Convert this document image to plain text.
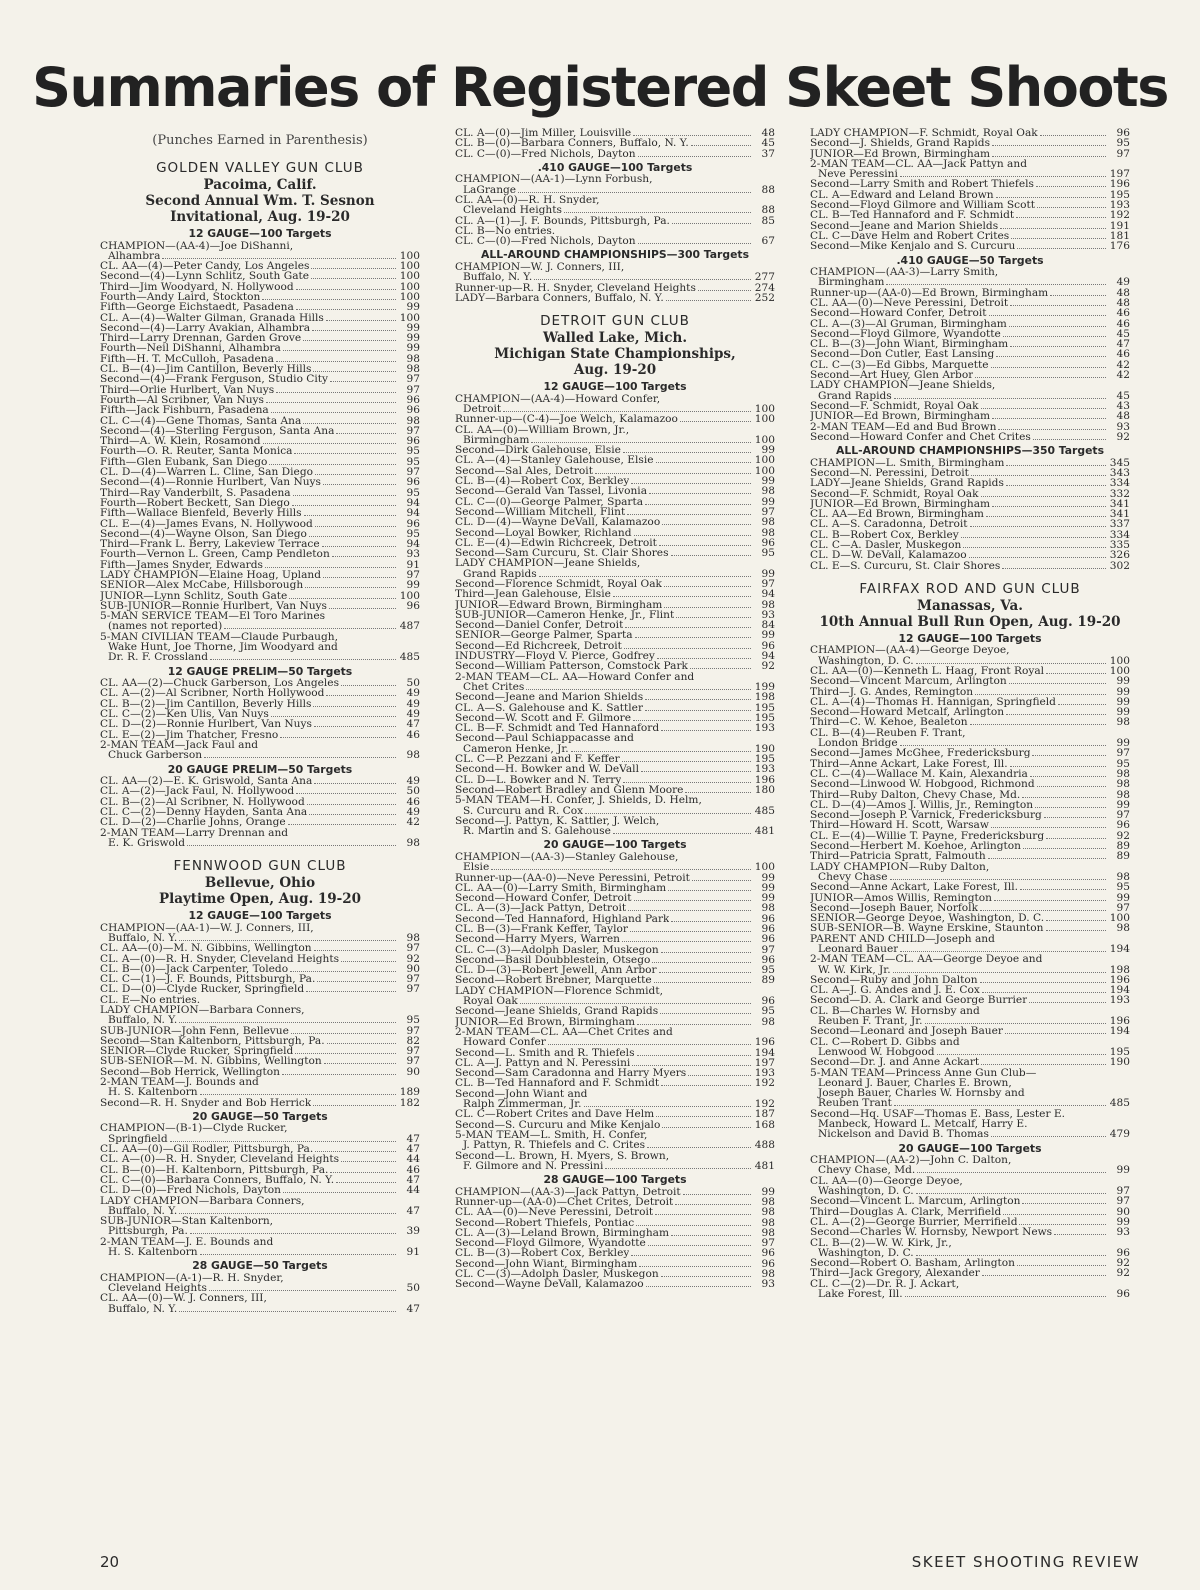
Summaries of Registered Skeet Shoots
(Punches Earned in Parenthesis)
GOLDEN VALLEY GUN CLUB
Pacoima, Calif.
Second Annual Wm. T. Sesnon
Invitational, Aug. 19-20
12 GAUGE—100 Targets
CHAMPION—(AA-4)—Joe DiShanni,
Alhambra	100
CL. AA—(4)—Peter Candy, Los Angeles	100
Second—(4)—Lynn Schlitz, South Gate	100
Third—Jim Woodyard, N. Hollywood	100
Fourth—Andy Laird, Stockton	100
Fifth—George Eichstaedt, Pasadena	99
CL. A—(4)—Walter Gilman, Granada Hills	100
Second—(4)—Larry Avakian, Alhambra	99
Third—Larry Drennan, Garden Grove	99
Fourth—Neil DiShanni, Alhambra	99
Fifth—H. T. McCulloh, Pasadena	98
CL. B—(4)—Jim Cantillon, Beverly Hills	98
Second—(4)—Frank Ferguson, Studio City	97
Third—Orlie Hurlbert, Van Nuys	97
Fourth—Al Scribner, Van Nuys	96
Fifth—Jack Fishburn, Pasadena	96
CL. C—(4)—Gene Thomas, Santa Ana	98
Second—(4)—Sterling Ferguson, Santa Ana	97
Third—A. W. Klein, Rosamond	96
Fourth—O. R. Reuter, Santa Monica	95
Fifth—Glen Eubank, San Diego	95
CL. D—(4)—Warren L. Cline, San Diego	97
Second—(4)—Ronnie Hurlbert, Van Nuys	96
Third—Ray Vanderbilt, S. Pasadena	95
Fourth—Robert Beckett, San Diego	94
Fifth—Wallace Bienfeld, Beverly Hills	94
CL. E—(4)—James Evans, N. Hollywood	96
Second—(4)—Wayne Olson, San Diego	95
Third—Frank L. Berry, Lakeview Terrace	94
Fourth—Vernon L. Green, Camp Pendleton	93
Fifth—James Snyder, Edwards	91
LADY CHAMPION—Elaine Hoag, Upland	97
SENIOR—Alex McCabe, Hillsborough	99
JUNIOR—Lynn Schlitz, South Gate	100
SUB-JUNIOR—Ronnie Hurlbert, Van Nuys	96
5-MAN SERVICE TEAM—El Toro Marines
(names not reported)	487
5-MAN CIVILIAN TEAM—Claude Purbaugh,
Wake Hunt, Joe Thorne, Jim Woodyard and
Dr. R. F. Crossland	485
12 GAUGE PRELIM—50 Targets
CL. AA—(2)—Chuck Garberson, Los Angeles	50
CL. A—(2)—Al Scribner, North Hollywood	49
CL. B—(2)—Jim Cantillon, Beverly Hills	49
CL. C—(2)—Ken Ulis, Van Nuys	49
CL. D—(2)—Ronnie Hurlbert, Van Nuys	47
CL. E—(2)—Jim Thatcher, Fresno	46
2-MAN TEAM—Jack Faul and
Chuck Garberson	98
20 GAUGE PRELIM—50 Targets
CL. AA—(2)—E. K. Griswold, Santa Ana	49
CL. A—(2)—Jack Faul, N. Hollywood	50
CL. B—(2)—Al Scribner, N. Hollywood	46
CL. C—(2)—Denny Hayden, Santa Ana	49
CL. D—(2)—Charlie Johns, Orange	42
2-MAN TEAM—Larry Drennan and
E. K. Griswold	98
FENNWOOD GUN CLUB
Bellevue, Ohio
Playtime Open, Aug. 19-20
12 GAUGE—100 Targets
CHAMPION—(AA-1)—W. J. Conners, III,
Buffalo, N. Y.	98
CL. AA—(0)—M. N. Gibbins, Wellington	97
CL. A—(0)—R. H. Snyder, Cleveland Heights	92
CL. B—(0)—Jack Carpenter, Toledo	90
CL. C—(1)—J. F. Bounds, Pittsburgh, Pa.	97
CL. D—(0)—Clyde Rucker, Springfield	97
CL. E—No entries.
LADY CHAMPION—Barbara Conners,
Buffalo, N. Y.	95
SUB-JUNIOR—John Fenn, Bellevue	97
Second—Stan Kaltenborn, Pittsburgh, Pa.	82
SENIOR—Clyde Rucker, Springfield	97
SUB-SENIOR—M. N. Gibbins, Wellington	97
Second—Bob Herrick, Wellington	90
2-MAN TEAM—J. Bounds and
H. S. Kaltenborn	189
Second—R. H. Snyder and Bob Herrick	182
20 GAUGE—50 Targets
CHAMPION—(B-1)—Clyde Rucker,
Springfield	47
CL. AA—(0)—Gil Rodler, Pittsburgh, Pa.	47
CL. A—(0)—R. H. Snyder, Cleveland Heights	44
CL. B—(0)—H. Kaltenborn, Pittsburgh, Pa.	46
CL. C—(0)—Barbara Conners, Buffalo, N. Y.	47
CL. D—(0)—Fred Nichols, Dayton	44
LADY CHAMPION—Barbara Conners,
Buffalo, N. Y.	47
SUB-JUNIOR—Stan Kaltenborn,
Pittsburgh, Pa.	39
2-MAN TEAM—J. E. Bounds and
H. S. Kaltenborn	91
28 GAUGE—50 Targets
CHAMPION—(A-1)—R. H. Snyder,
Cleveland Heights	50
CL. AA—(0)—W. J. Conners, III,
Buffalo, N. Y.	47
CL. A—(0)—Jim Miller, Louisville	48
CL. B—(0)—Barbara Conners, Buffalo, N. Y.	45
CL. C—(0)—Fred Nichols, Dayton	37
.410 GAUGE—100 Targets
CHAMPION—(AA-1)—Lynn Forbush,
LaGrange	88
CL. AA—(0)—R. H. Snyder,
Cleveland Heights	88
CL. A—(1)—J. F. Bounds, Pittsburgh, Pa.	85
CL. B—No entries.
CL. C—(0)—Fred Nichols, Dayton	67
ALL-AROUND CHAMPIONSHIPS—300 Targets
CHAMPION—W. J. Conners, III,
Buffalo, N. Y.	277
Runner-up—R. H. Snyder, Cleveland Heights	274
LADY—Barbara Conners, Buffalo, N. Y.	252
DETROIT GUN CLUB
Walled Lake, Mich.
Michigan State Championships,
Aug. 19-20
12 GAUGE—100 Targets
CHAMPION—(AA-4)—Howard Confer,
Detroit	100
Runner-up—(C-4)—Joe Welch, Kalamazoo	100
CL. AA—(0)—William Brown, Jr.,
Birmingham	100
Second—Dirk Galehouse, Elsie	99
CL. A—(4)—Stanley Galehouse, Elsie	100
Second—Sal Ales, Detroit	100
CL. B—(4)—Robert Cox, Berkley	99
Second—Gerald Van Tassel, Livonia	98
CL. C—(0)—George Palmer, Sparta	99
Second—William Mitchell, Flint	97
CL. D—(4)—Wayne DeVall, Kalamazoo	98
Second—Loyal Bowker, Richland	98
CL. E—(4)—Edwin Richcreek, Detroit	96
Second—Sam Curcuru, St. Clair Shores	95
LADY CHAMPION—Jeane Shields,
Grand Rapids	99
Second—Florence Schmidt, Royal Oak	97
Third—Jean Galehouse, Elsie	94
JUNIOR—Edward Brown, Birmingham	98
SUB-JUNIOR—Cameron Henke, Jr., Flint	93
Second—Daniel Confer, Detroit	84
SENIOR—George Palmer, Sparta	99
Second—Ed Richcreek, Detroit	96
INDUSTRY—Floyd V. Pierce, Godfrey	94
Second—William Patterson, Comstock Park	92
2-MAN TEAM—CL. AA—Howard Confer and
Chet Crites	199
Second—Jeane and Marion Shields	198
CL. A—S. Galehouse and K. Sattler	195
Second—W. Scott and F. Gilmore	195
CL. B—F. Schmidt and Ted Hannaford	193
Second—Paul Schiappacasse and
Cameron Henke, Jr.	190
CL. C—P. Pezzani and F. Keffer	195
Second—H. Bowker and W. DeVall	193
CL. D—L. Bowker and N. Terry	196
Second—Robert Bradley and Glenn Moore	180
5-MAN TEAM—H. Confer, J. Shields, D. Helm,
S. Curcuru and R. Cox	485
Second—J. Pattyn, K. Sattler, J. Welch,
R. Martin and S. Galehouse	481
20 GAUGE—100 Targets
CHAMPION—(AA-3)—Stanley Galehouse,
Elsie	100
Runner-up—(AA-0)—Neve Peressini, Petroit	99
CL. AA—(0)—Larry Smith, Birmingham	99
Second—Howard Confer, Detroit	99
CL. A—(3)—Jack Pattyn, Detroit	98
Second—Ted Hannaford, Highland Park	96
CL. B—(3)—Frank Keffer, Taylor	96
Second—Harry Myers, Warren	96
CL. C—(3)—Adolph Dasler, Muskegon	97
Second—Basil Doubblestein, Otsego	96
CL. D—(3)—Robert Jewell, Ann Arbor	95
Second—Robert Brebner, Marquette	89
LADY CHAMPION—Florence Schmidt,
Royal Oak	96
Second—Jeane Shields, Grand Rapids	95
JUNIOR—Ed Brown, Birmingham	98
2-MAN TEAM—CL. AA—Chet Crites and
Howard Confer	196
Second—L. Smith and R. Thiefels	194
CL. A—J. Pattyn and N. Peressini	197
Second—Sam Caradonna and Harry Myers	193
CL. B—Ted Hannaford and F. Schmidt	192
Second—John Wiant and
Ralph Zimmerman, Jr.	192
CL. C—Robert Crites and Dave Helm	187
Second—S. Curcuru and Mike Kenjalo	168
5-MAN TEAM—L. Smith, H. Confer,
J. Pattyn, R. Thiefels and C. Crites	488
Second—L. Brown, H. Myers, S. Brown,
F. Gilmore and N. Pressini	481
28 GAUGE—100 Targets
CHAMPION—(AA-3)—Jack Pattyn, Detroit	99
Runner-up—(AA-0)—Chet Crites, Detroit	98
CL. AA—(0)—Neve Peressini, Detroit	98
Second—Robert Thiefels, Pontiac	98
CL. A—(3)—Leland Brown, Birmingham	98
Second—Floyd Gilmore, Wyandotte	97
CL. B—(3)—Robert Cox, Berkley	96
Second—John Wiant, Birmingham	96
CL. C—(3)—Adolph Dasler, Muskegon	98
Second—Wayne DeVall, Kalamazoo	93
LADY CHAMPION—F. Schmidt, Royal Oak	96
Second—J. Shields, Grand Rapids	95
JUNIOR—Ed Brown, Birmingham	97
2-MAN TEAM—CL. AA—Jack Pattyn and
Neve Peressini	197
Second—Larry Smith and Robert Thiefels	196
CL. A—Edward and Leland Brown	195
Second—Floyd Gilmore and William Scott	193
CL. B—Ted Hannaford and F. Schmidt	192
Second—Jeane and Marion Shields	191
CL. C—Dave Helm and Robert Crites	181
Second—Mike Kenjalo and S. Curcuru	176
.410 GAUGE—50 Targets
CHAMPION—(AA-3)—Larry Smith,
Birmingham	49
Runner-up—(AA-0)—Ed Brown, Birmingham	48
CL. AA—(0)—Neve Peressini, Detroit	48
Second—Howard Confer, Detroit	46
CL. A—(3)—Al Gruman, Birmingham	46
Second—Floyd Gilmore, Wyandotte	45
CL. B—(3)—John Wiant, Birmingham	47
Second—Don Cutler, East Lansing	46
CL. C—(3)—Ed Gibbs, Marquette	42
Second—Art Huey, Glen Arbor	42
LADY CHAMPION—Jeane Shields,
Grand Rapids	45
Second—F. Schmidt, Royal Oak	43
JUNIOR—Ed Brown, Birmingham	48
2-MAN TEAM—Ed and Bud Brown	93
Second—Howard Confer and Chet Crites	92
ALL-AROUND CHAMPIONSHIPS—350 Targets
CHAMPION—L. Smith, Birmingham	345
Second—N. Peressini, Detroit	343
LADY—Jeane Shields, Grand Rapids	334
Second—F. Schmidt, Royal Oak	332
JUNIOR—Ed Brown, Birmingham	341
CL. AA—Ed Brown, Birmingham	341
CL. A—S. Caradonna, Detroit	337
CL. B—Robert Cox, Berkley	334
CL. C—A. Dasler, Muskegon	335
CL. D—W. DeVall, Kalamazoo	326
CL. E—S. Curcuru, St. Clair Shores	302
FAIRFAX ROD AND GUN CLUB
Manassas, Va.
10th Annual Bull Run Open, Aug. 19-20
12 GAUGE—100 Targets
CHAMPION—(AA-4)—George Deyoe,
Washington, D. C.	100
CL. AA—(0)—Kenneth L. Haag, Front Royal	100
Second—Vincent Marcum, Arlington	99
Third—J. G. Andes, Remington	99
CL. A—(4)—Thomas H. Hannigan, Springfield	99
Second—Howard Metcalf, Arlington	99
Third—C. W. Kehoe, Bealeton	98
CL. B—(4)—Reuben F. Trant,
London Bridge	99
Second—James McGhee, Fredericksburg	97
Third—Anne Ackart, Lake Forest, Ill.	95
CL. C—(4)—Wallace M. Kain, Alexandria	98
Second—Linwood W. Hobgood, Richmond	98
Third—Ruby Dalton, Chevy Chase, Md.	98
CL. D—(4)—Amos J. Willis, Jr., Remington	99
Second—Joseph P. Varnick, Fredericksburg	97
Third—Howard H. Scott, Warsaw	96
CL. E—(4)—Willie T. Payne, Fredericksburg	92
Second—Herbert M. Koehoe, Arlington	89
Third—Patricia Spratt, Falmouth	89
LADY CHAMPION—Ruby Dalton,
Chevy Chase	98
Second—Anne Ackart, Lake Forest, Ill.	95
JUNIOR—Amos Willis, Remington	99
Second—Joseph Bauer, Norfolk	97
SENIOR—George Deyoe, Washington, D. C.	100
SUB-SENIOR—B. Wayne Erskine, Staunton	98
PARENT AND CHILD—Joseph and
Leonard Bauer	194
2-MAN TEAM—CL. AA—George Deyoe and
W. W. Kirk, Jr.	198
Second—Ruby and John Dalton	196
CL. A—J. G. Andes and J. E. Cox	194
Second—D. A. Clark and George Burrier	193
CL. B—Charles W. Hornsby and
Reuben F. Trant, Jr.	196
Second—Leonard and Joseph Bauer	194
CL. C—Robert D. Gibbs and
Lenwood W. Hobgood	195
Second—Dr. J. and Anne Ackart	190
5-MAN TEAM—Princess Anne Gun Club—
Leonard J. Bauer, Charles E. Brown,
Joseph Bauer, Charles W. Hornsby and
Reuben Trant	485
Second—Hq. USAF—Thomas E. Bass, Lester E.
Manbeck, Howard L. Metcalf, Harry E.
Nickelson and David B. Thomas	479
20 GAUGE—100 Targets
CHAMPION—(AA-2)—John C. Dalton,
Chevy Chase, Md.	99
CL. AA—(0)—George Deyoe,
Washington, D. C.	97
Second—Vincent L. Marcum, Arlington	97
Third—Douglas A. Clark, Merrifield	90
CL. A—(2)—George Burrier, Merrifield	99
Second—Charles W. Hornsby, Newport News	93
CL. B—(2)—W. W. Kirk, Jr.,
Washington, D. C.	96
Second—Robert O. Basham, Arlington	92
Third—Jack Gregory, Alexander	92
CL. C—(2)—Dr. R. J. Ackart,
Lake Forest, Ill.	96
20	SKEET SHOOTING REVIEW
